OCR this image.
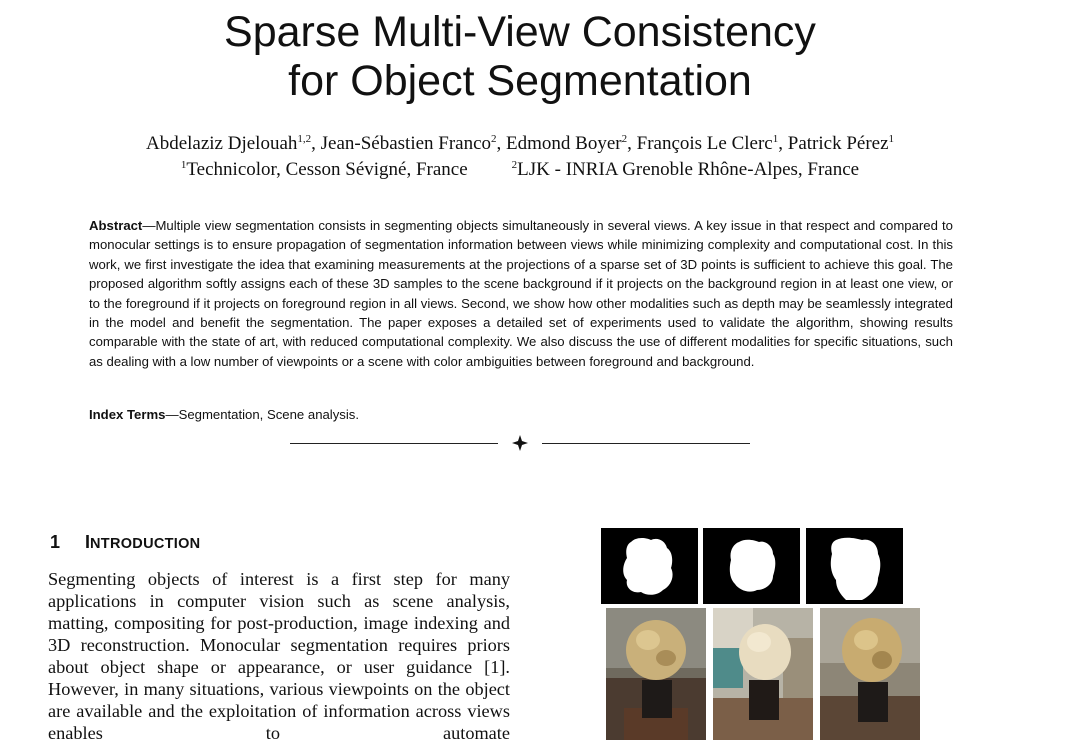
Sparse Multi-View Consistency
for Object Segmentation
Abdelaziz Djelouah$^{1,2}$, Jean-Sébastien Franco$^2$, Edmond Boyer$^2$, François Le Clerc$^1$, Patrick Pérez$^1$
$^1$Technicolor, Cesson Sévigné, France	$^2$LJK - INRIA Grenoble Rhône-Alpes, France
Abstract—Multiple view segmentation consists in segmenting objects simultaneously in several views. A key issue in that respect and compared to monocular settings is to ensure propagation of segmentation information between views while minimizing complexity and computational cost. In this work, we first investigate the idea that examining measurements at the projections of a sparse set of 3D points is sufficient to achieve this goal. The proposed algorithm softly assigns each of these 3D samples to the scene background if it projects on the background region in at least one view, or to the foreground if it projects on foreground region in all views. Second, we show how other modalities such as depth may be seamlessly integrated in the model and benefit the segmentation. The paper exposes a detailed set of experiments used to validate the algorithm, showing results comparable with the state of art, with reduced computational complexity. We also discuss the use of different modalities for specific situations, such as dealing with a low number of viewpoints or a scene with color ambiguities between foreground and background.
Index Terms—Segmentation, Scene analysis.
1 INTRODUCTION
Segmenting objects of interest is a first step for many applications in computer vision such as scene analysis, matting, compositing for post-production, image indexing and 3D reconstruction. Monocular segmentation requires priors about object shape or appearance, or user guidance [1]. However, in many situations, various viewpoints on the object are available and the exploitation of information across views enables to automate
